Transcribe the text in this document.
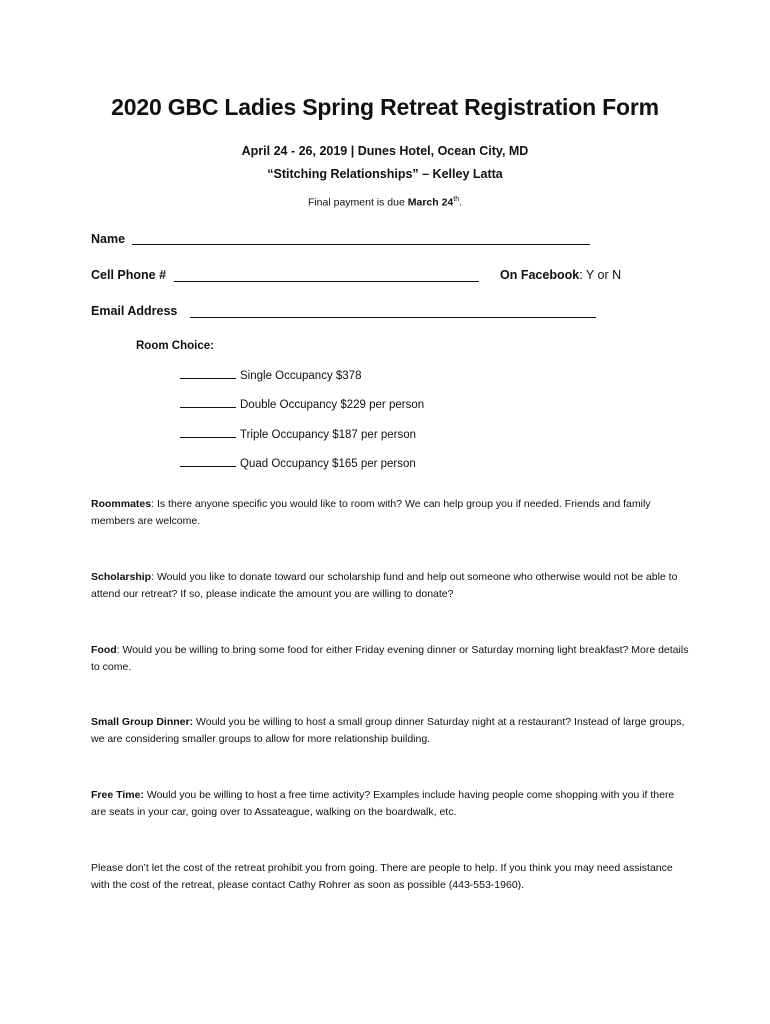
2020 GBC Ladies Spring Retreat Registration Form
April 24 - 26, 2019 | Dunes Hotel, Ocean City, MD
“Stitching Relationships” – Kelley Latta
Final payment is due March 24th.
Name
Cell Phone #	On Facebook: Y or N
Email Address
Room Choice:
Single Occupancy $378
Double Occupancy $229 per person
Triple Occupancy $187 per person
Quad Occupancy $165 per person
Roommates: Is there anyone specific you would like to room with? We can help group you if needed. Friends and family members are welcome.
Scholarship: Would you like to donate toward our scholarship fund and help out someone who otherwise would not be able to attend our retreat? If so, please indicate the amount you are willing to donate?
Food: Would you be willing to bring some food for either Friday evening dinner or Saturday morning light breakfast? More details to come.
Small Group Dinner: Would you be willing to host a small group dinner Saturday night at a restaurant? Instead of large groups, we are considering smaller groups to allow for more relationship building.
Free Time: Would you be willing to host a free time activity? Examples include having people come shopping with you if there are seats in your car, going over to Assateague, walking on the boardwalk, etc.
Please don’t let the cost of the retreat prohibit you from going. There are people to help. If you think you may need assistance with the cost of the retreat, please contact Cathy Rohrer as soon as possible (443-553-1960).
